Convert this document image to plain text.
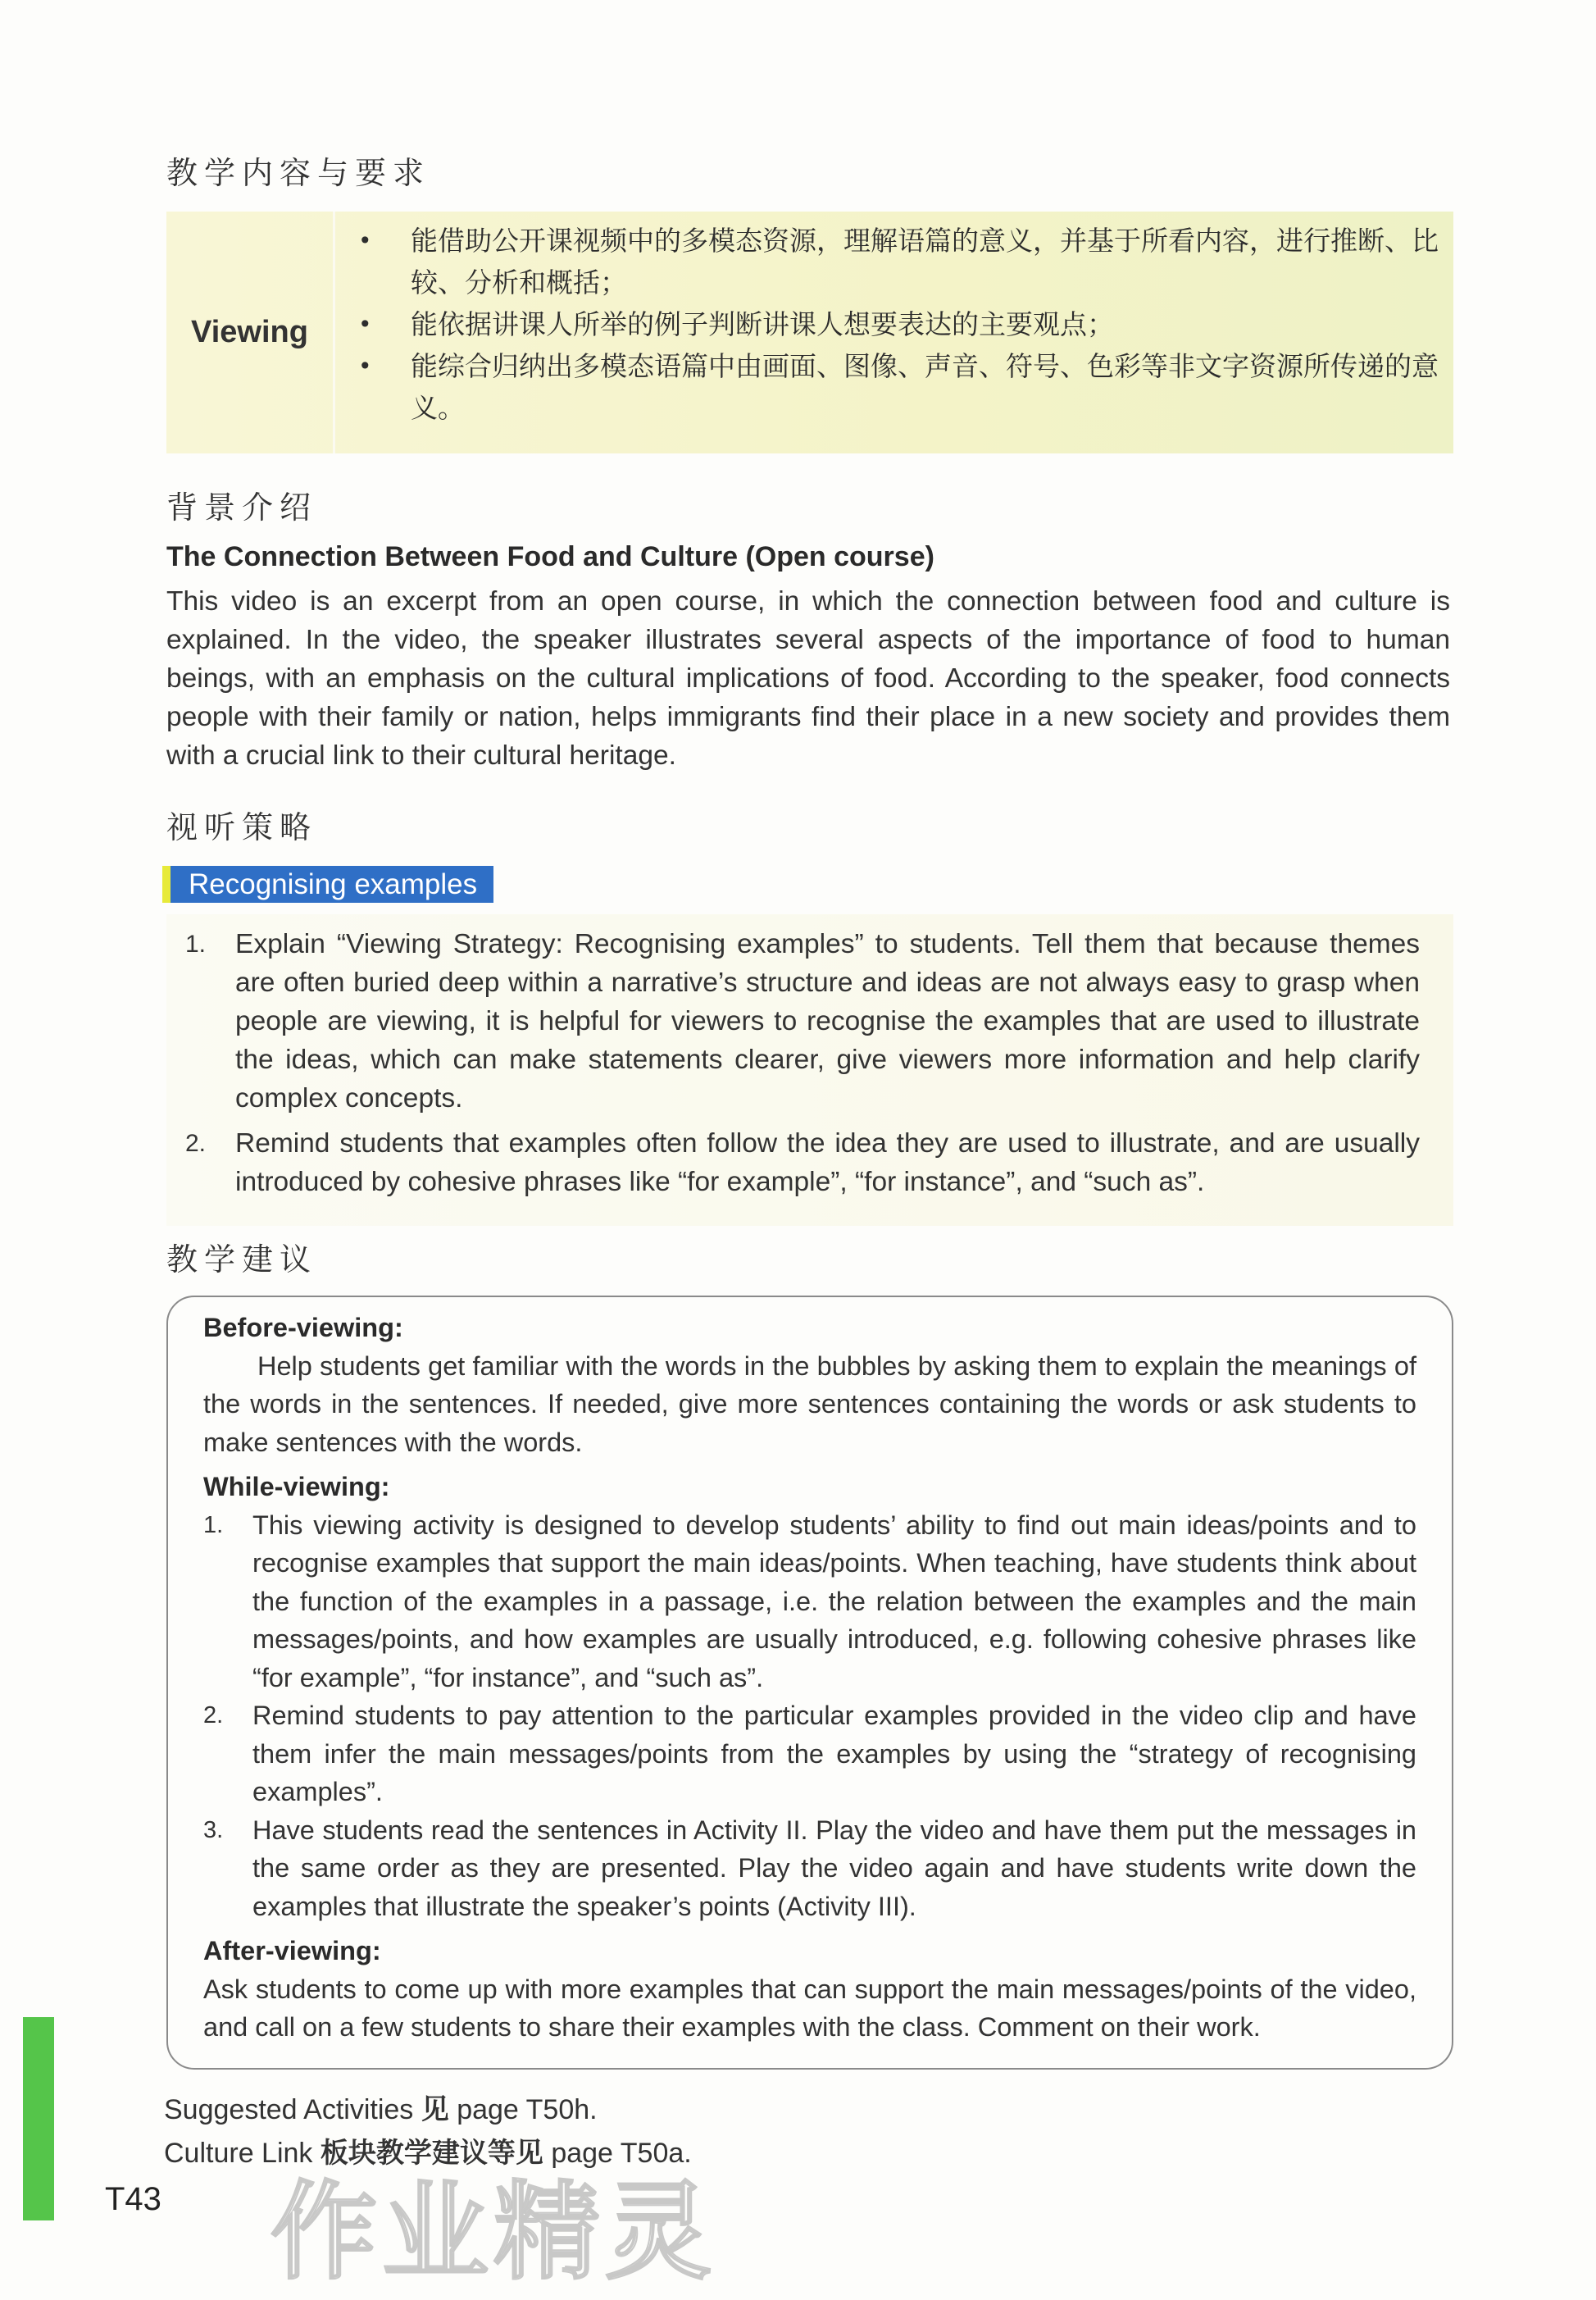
教学内容与要求
Viewing
• 能借助公开课视频中的多模态资源，理解语篇的意义，并基于所看内容，进行推断、比较、分析和概括；
• 能依据讲课人所举的例子判断讲课人想要表达的主要观点；
• 能综合归纳出多模态语篇中由画面、图像、声音、符号、色彩等非文字资源所传递的意义。
背景介绍
The Connection Between Food and Culture (Open course)
This video is an excerpt from an open course, in which the connection between food and culture is explained. In the video, the speaker illustrates several aspects of the importance of food to human beings, with an emphasis on the cultural implications of food. According to the speaker, food connects people with their family or nation, helps immigrants find their place in a new society and provides them with a crucial link to their cultural heritage.
视听策略
Recognising examples
1. Explain “Viewing Strategy: Recognising examples” to students. Tell them that because themes are often buried deep within a narrative’s structure and ideas are not always easy to grasp when people are viewing, it is helpful for viewers to recognise the examples that are used to illustrate the ideas, which can make statements clearer, give viewers more information and help clarify complex concepts.
2. Remind students that examples often follow the idea they are used to illustrate, and are usually introduced by cohesive phrases like “for example”, “for instance”, and “such as”.
教学建议
Before-viewing:

Help students get familiar with the words in the bubbles by asking them to explain the meanings of the words in the sentences. If needed, give more sentences containing the words or ask students to make sentences with the words.

While-viewing:
1. This viewing activity is designed to develop students’ ability to find out main ideas/points and to recognise examples that support the main ideas/points. When teaching, have students think about the function of the examples in a passage, i.e. the relation between the examples and the main messages/points, and how examples are usually introduced, e.g. following cohesive phrases like “for example”, “for instance”, and “such as”.
2. Remind students to pay attention to the particular examples provided in the video clip and have them infer the main messages/points from the examples by using the “strategy of recognising examples”.
3. Have students read the sentences in Activity II. Play the video and have them put the messages in the same order as they are presented. Play the video again and have students write down the examples that illustrate the speaker’s points (Activity III).
After-viewing:

Ask students to come up with more examples that can support the main messages/points of the video, and call on a few students to share their examples with the class. Comment on their work.

Suggested Activities 见 page T50h.
Culture Link 板块教学建议等见 page T50a.
T43 作业精灵
